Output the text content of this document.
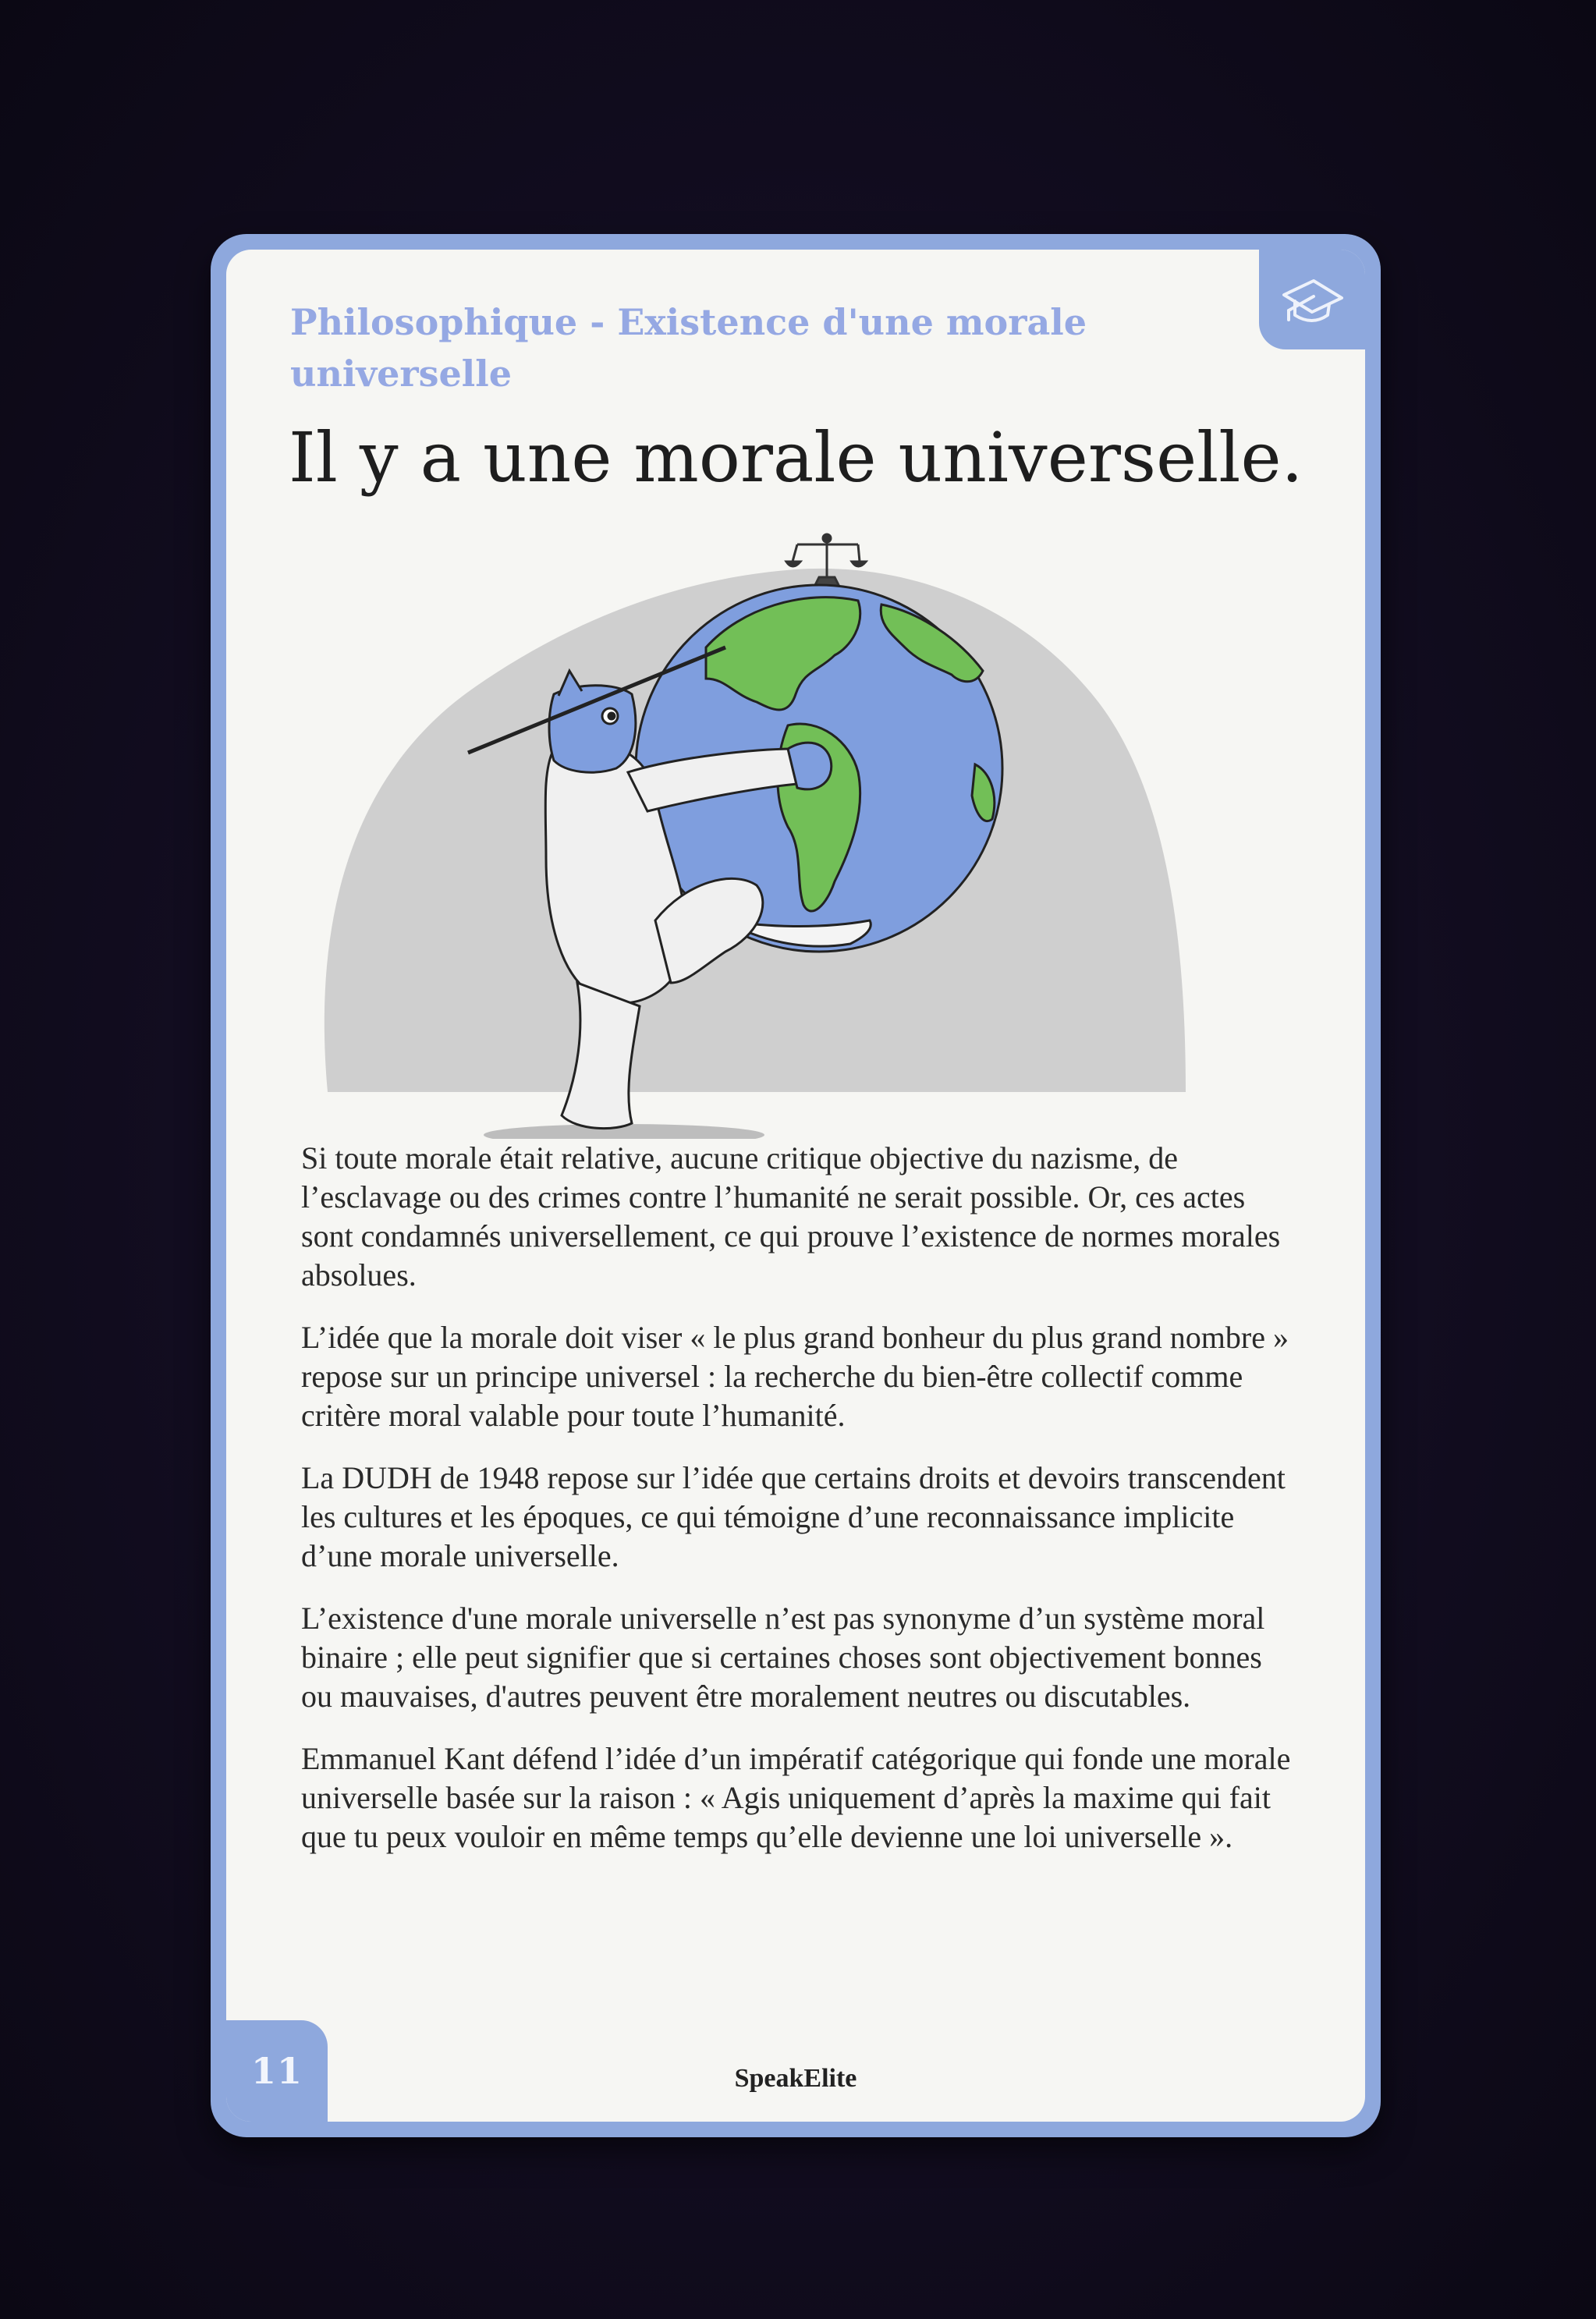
Philosophique - Existence d'une morale universelle
Il y a une morale universelle.

Si toute morale était relative, aucune critique objective du nazisme, de l’esclavage ou des crimes contre l’humanité ne serait possible. Or, ces actes sont condamnés universellement, ce qui prouve l’existence de normes morales absolues.

L’idée que la morale doit viser « le plus grand bonheur du plus grand nombre » repose sur un principe universel : la recherche du bien-être collectif comme critère moral valable pour toute l’humanité.

La DUDH de 1948 repose sur l’idée que certains droits et devoirs transcendent les cultures et les époques, ce qui témoigne d’une reconnaissance implicite d’une morale universelle.

L’existence d'une morale universelle n’est pas synonyme d’un système moral binaire ; elle peut signifier que si certaines choses sont objectivement bonnes ou mauvaises, d'autres peuvent être moralement neutres ou discutables.

Emmanuel Kant défend l’idée d’un impératif catégorique qui fonde une morale universelle basée sur la raison : « Agis uniquement d’après la maxime qui fait que tu peux vouloir en même temps qu’elle devienne une loi universelle ».

11	SpeakElite
